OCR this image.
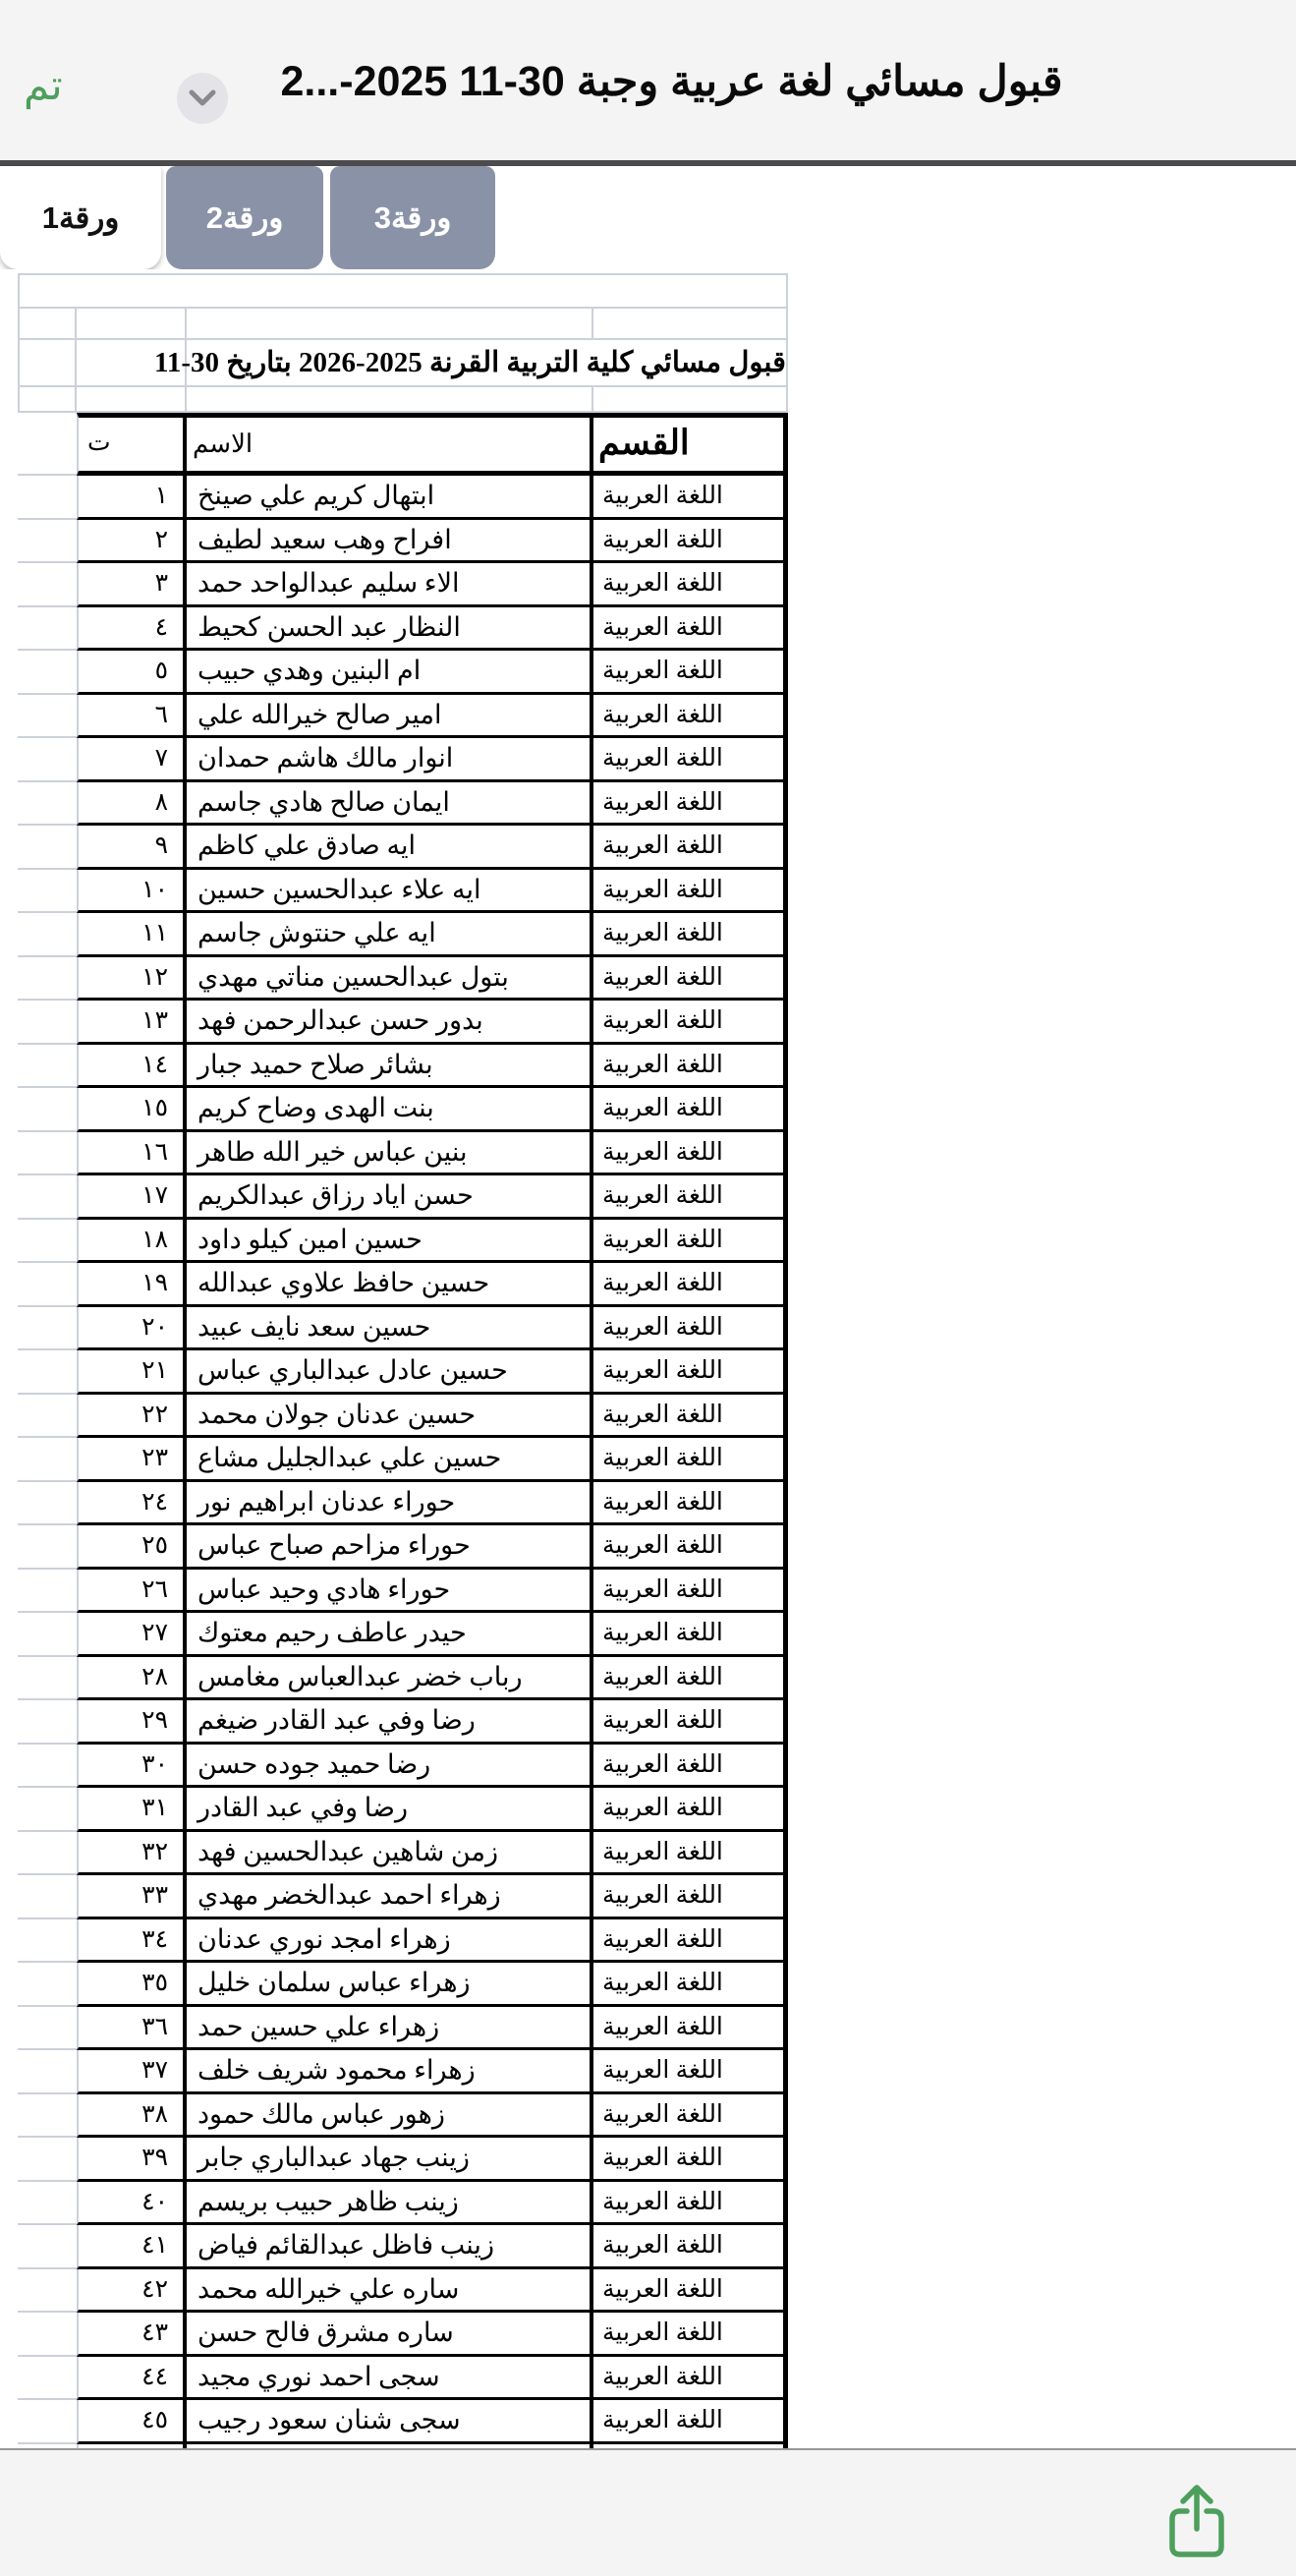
تم	قبول مسائي لغة عربية وجبة 30-11 2025-...2
ورقة1	ورقة2	ورقة3
قبول مسائي كلية التربية القرنة 2025-2026 بتاريخ 30-11
ت	الاسم	القسم
١	ابتهال كريم علي صينخ	اللغة العربية
٢	افراح وهب سعيد لطيف	اللغة العربية
٣	الاء سليم عبدالواحد حمد	اللغة العربية
٤	النظار عبد الحسن كحيط	اللغة العربية
٥	ام البنين وهدي حبيب	اللغة العربية
٦	امير صالح خيرالله علي	اللغة العربية
٧	انوار مالك هاشم حمدان	اللغة العربية
٨	ايمان صالح هادي جاسم	اللغة العربية
٩	ايه صادق علي كاظم	اللغة العربية
١٠	ايه علاء عبدالحسين حسين	اللغة العربية
١١	ايه علي حنتوش جاسم	اللغة العربية
١٢	بتول عبدالحسين مناتي مهدي	اللغة العربية
١٣	بدور حسن عبدالرحمن فهد	اللغة العربية
١٤	بشائر صلاح حميد جبار	اللغة العربية
١٥	بنت الهدى وضاح كريم	اللغة العربية
١٦	بنين عباس خير الله طاهر	اللغة العربية
١٧	حسن اياد رزاق عبدالكريم	اللغة العربية
١٨	حسين امين كيلو داود	اللغة العربية
١٩	حسين حافظ علاوي عبدالله	اللغة العربية
٢٠	حسين سعد نايف عبيد	اللغة العربية
٢١	حسين عادل عبدالباري عباس	اللغة العربية
٢٢	حسين عدنان جولان محمد	اللغة العربية
٢٣	حسين علي عبدالجليل مشاع	اللغة العربية
٢٤	حوراء عدنان ابراهيم نور	اللغة العربية
٢٥	حوراء مزاحم صباح عباس	اللغة العربية
٢٦	حوراء هادي وحيد عباس	اللغة العربية
٢٧	حيدر عاطف رحيم معتوك	اللغة العربية
٢٨	رباب خضر عبدالعباس مغامس	اللغة العربية
٢٩	رضا وفي عبد القادر ضيغم	اللغة العربية
٣٠	رضا حميد جوده حسن	اللغة العربية
٣١	رضا وفي عبد القادر	اللغة العربية
٣٢	زمن شاهين عبدالحسين فهد	اللغة العربية
٣٣	زهراء احمد عبدالخضر مهدي	اللغة العربية
٣٤	زهراء امجد نوري عدنان	اللغة العربية
٣٥	زهراء عباس سلمان خليل	اللغة العربية
٣٦	زهراء علي حسين حمد	اللغة العربية
٣٧	زهراء محمود شريف خلف	اللغة العربية
٣٨	زهور عباس مالك حمود	اللغة العربية
٣٩	زينب جهاد عبدالباري جابر	اللغة العربية
٤٠	زينب ظاهر حبيب بريسم	اللغة العربية
٤١	زينب فاظل عبدالقائم فياض	اللغة العربية
٤٢	ساره علي خيرالله محمد	اللغة العربية
٤٣	ساره مشرق فالح حسن	اللغة العربية
٤٤	سجى احمد نوري مجيد	اللغة العربية
٤٥	سجى شنان سعود رجيب	اللغة العربية
